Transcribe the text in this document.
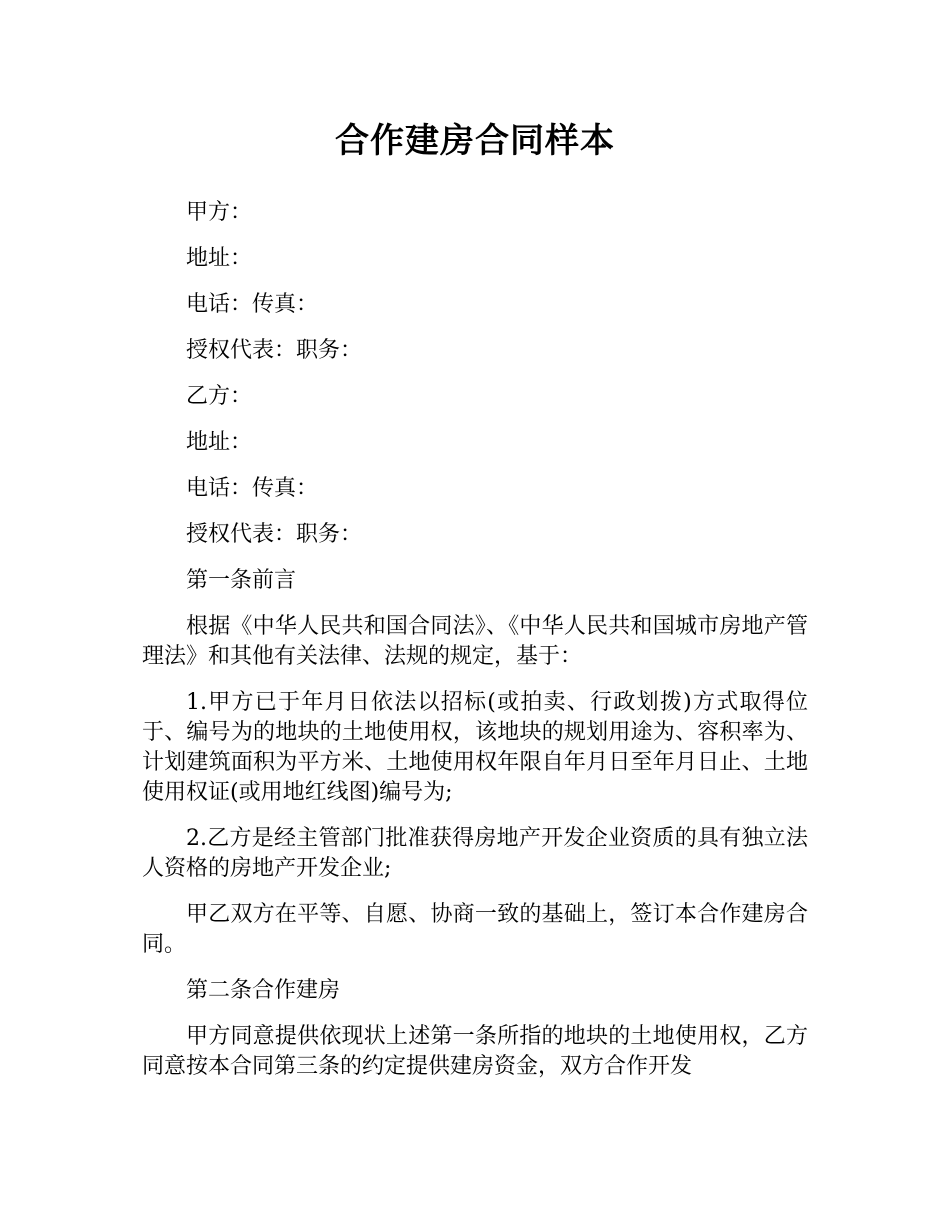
合作建房合同样本

甲方：

地址：

电话：传真：

授权代表：职务：

乙方：

地址：

电话：传真：

授权代表：职务：

第一条前言

根据《中华人民共和国合同法》、《中华人民共和国城市房地产管理法》和其他有关法律、法规的规定，基于：

1.甲方已于年月日依法以招标(或拍卖、行政划拨)方式取得位于、编号为的地块的土地使用权，该地块的规划用途为、容积率为、计划建筑面积为平方米、土地使用权年限自年月日至年月日止、土地使用权证(或用地红线图)编号为;

2.乙方是经主管部门批准获得房地产开发企业资质的具有独立法人资格的房地产开发企业;

甲乙双方在平等、自愿、协商一致的基础上，签订本合作建房合同。

第二条合作建房

甲方同意提供依现状上述第一条所指的地块的土地使用权，乙方同意按本合同第三条的约定提供建房资金，双方合作开发
